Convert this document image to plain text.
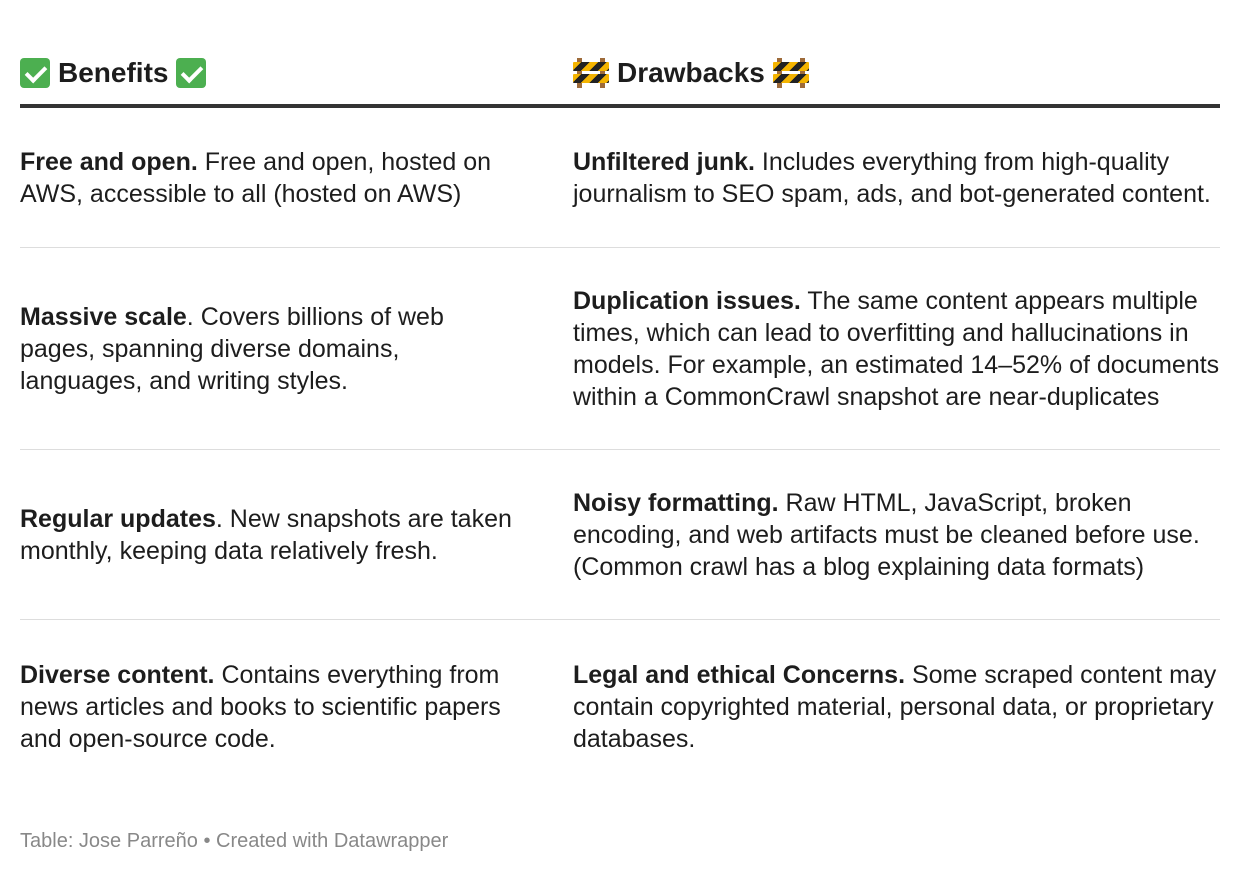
Benefits	Drawbacks
Free and open. Free and open, hosted on AWS, accessible to all (hosted on AWS)
Unfiltered junk. Includes everything from high-quality journalism to SEO spam, ads, and bot-generated content.
Massive scale. Covers billions of web pages, spanning diverse domains, languages, and writing styles.
Duplication issues. The same content appears multiple times, which can lead to overfitting and hallucinations in models. For example, an estimated 14–52% of documents within a CommonCrawl snapshot are near-duplicates
Regular updates. New snapshots are taken monthly, keeping data relatively fresh.
Noisy formatting. Raw HTML, JavaScript, broken encoding, and web artifacts must be cleaned before use. (Common crawl has a blog explaining data formats)
Diverse content. Contains everything from news articles and books to scientific papers and open-source code.
Legal and ethical Concerns. Some scraped content may contain copyrighted material, personal data, or proprietary databases.
Table: Jose Parreño • Created with Datawrapper
